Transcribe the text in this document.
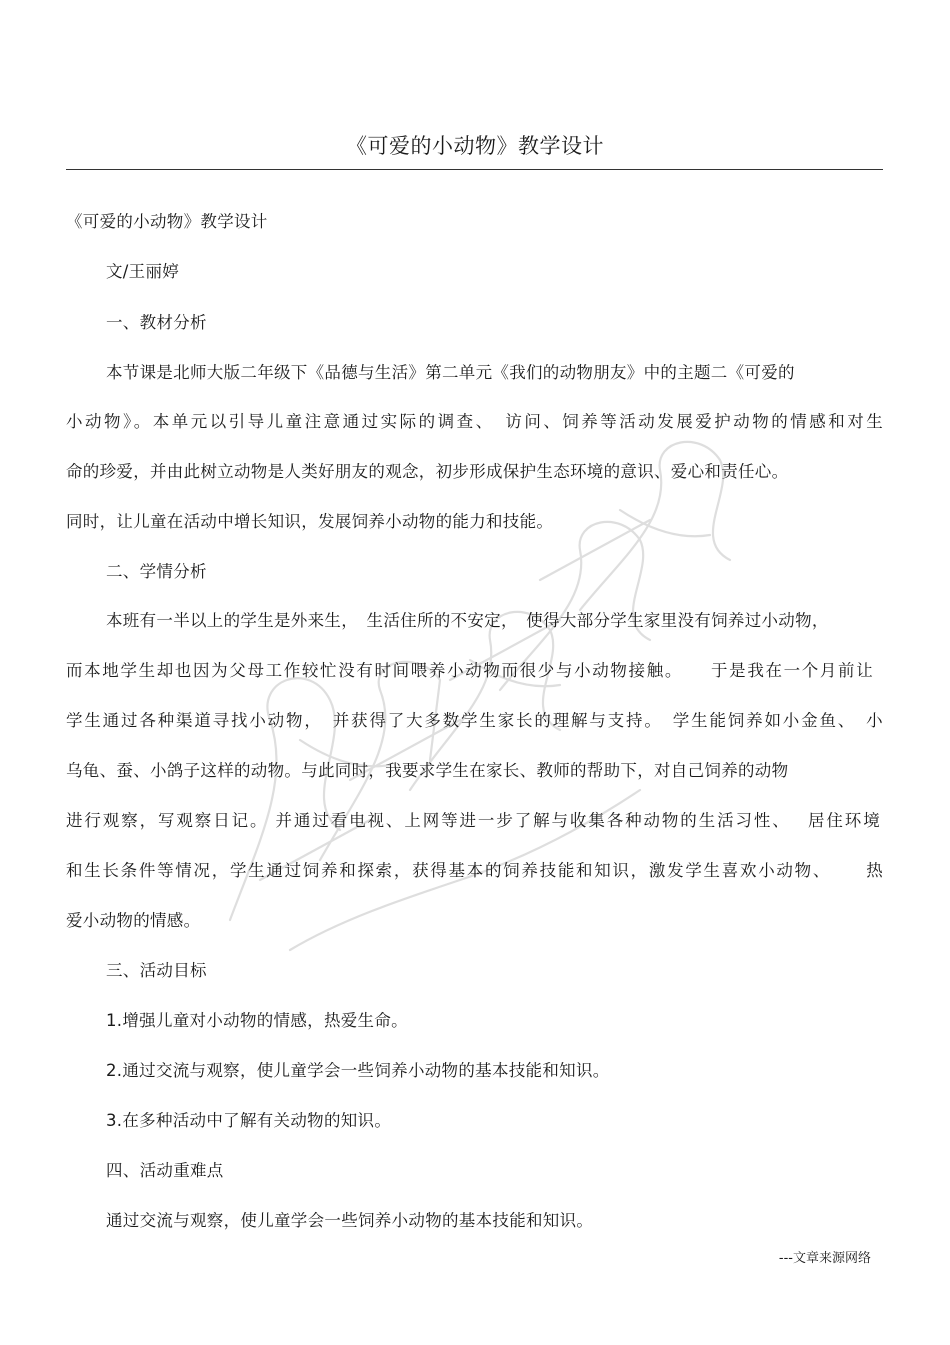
《可爱的小动物》教学设计
《可爱的小动物》教学设计
文/王丽婷
一、教材分析
本节课是北师大版二年级下《品德与生活》第二单元《我们的动物朋友》中的主题二《可爱的
小动物》。本单元以引导儿童注意通过实际的调查、　访问、饲养等活动发展爱护动物的情感和对生
命的珍爱，并由此树立动物是人类好朋友的观念，初步形成保护生态环境的意识、爱心和责任心。
同时，让儿童在活动中增长知识，发展饲养小动物的能力和技能。
二、学情分析
本班有一半以上的学生是外来生，　生活住所的不安定，　使得大部分学生家里没有饲养过小动物，
而本地学生却也因为父母工作较忙没有时间喂养小动物而很少与小动物接触。　　于是我在一个月前让
学生通过各种渠道寻找小动物，　并获得了大多数学生家长的理解与支持。　学生能饲养如小金鱼、　小
乌龟、蚕、小鸽子这样的动物。与此同时，我要求学生在家长、教师的帮助下，对自己饲养的动物
进行观察，写观察日记。 并通过看电视、上网等进一步了解与收集各种动物的生活习性、　 居住环境
和生长条件等情况，学生通过饲养和探索，获得基本的饲养技能和知识，激发学生喜欢小动物、　　 热
爱小动物的情感。
三、活动目标
1.增强儿童对小动物的情感，热爱生命。
2.通过交流与观察，使儿童学会一些饲养小动物的基本技能和知识。
3.在多种活动中了解有关动物的知识。
四、活动重难点
通过交流与观察，使儿童学会一些饲养小动物的基本技能和知识。
---文章来源网络
